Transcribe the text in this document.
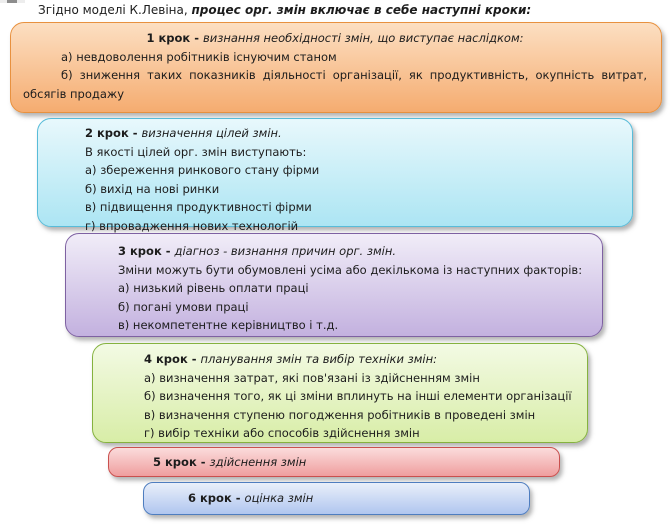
Згідно моделі К.Левіна, процес орг. змін включає в себе наступні кроки:
1 крок - визнання необхідності змін, що виступає наслідком:

а) невдоволення робітників існуючим станом

б) зниження таких показників діяльності організації, як продуктивність, окупність витрат, обсягів продажу

2 крок - визначення цілей змін.
В якості цілей орг. змін виступають:
а) збереження ринкового стану фірми
б) вихід на нові ринки
в) підвищення продуктивності фірми
г) впровадження нових технологій
3 крок - діагноз - визнання причин орг. змін.
Зміни можуть бути обумовлені усіма або декількома із наступних факторів:
а) низький рівень оплати праці
б) погані умови праці
в) некомпетентне керівництво і т.д.
4 крок - планування змін та вибір техніки змін:
а) визначення затрат, які пов'язані із здійсненням змін
б) визначення того, як ці зміни вплинуть на інші елементи організації
в) визначення ступеню погодження робітників в проведені змін
г) вибір техніки або способів здійснення змін
5 крок - здійснення змін
6 крок - оцінка змін
